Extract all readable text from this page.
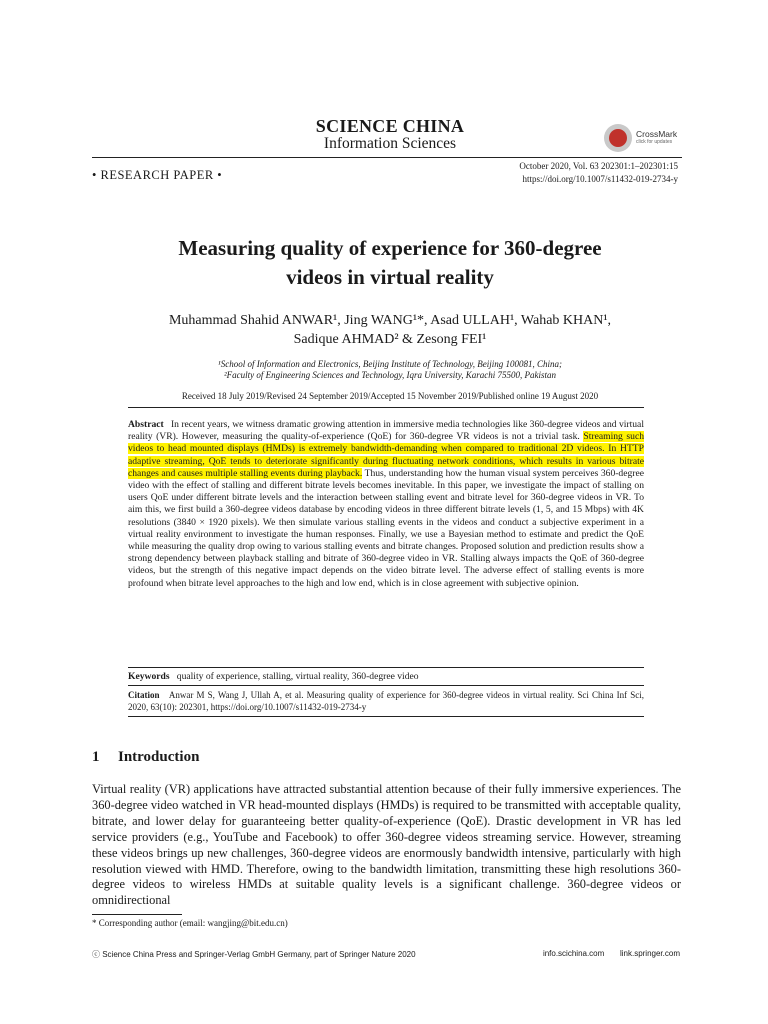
SCIENCE CHINA
Information Sciences
CrossMark
click for updates
• RESEARCH PAPER •
October 2020, Vol. 63 202301:1–202301:15
https://doi.org/10.1007/s11432-019-2734-y
Measuring quality of experience for 360-degree
videos in virtual reality
Muhammad Shahid ANWAR¹, Jing WANG¹*, Asad ULLAH¹, Wahab KHAN¹,
Sadique AHMAD² & Zesong FEI¹
¹School of Information and Electronics, Beijing Institute of Technology, Beijing 100081, China;
²Faculty of Engineering Sciences and Technology, Iqra University, Karachi 75500, Pakistan
Received 18 July 2019/Revised 24 September 2019/Accepted 15 November 2019/Published online 19 August 2020
Abstract In recent years, we witness dramatic growing attention in immersive media technologies like 360-degree videos and virtual reality (VR). However, measuring the quality-of-experience (QoE) for 360-degree VR videos is not a trivial task. Streaming such videos to head mounted displays (HMDs) is extremely bandwidth-demanding when compared to traditional 2D videos. In HTTP adaptive streaming, QoE tends to deteriorate significantly during fluctuating network conditions, which results in various bitrate changes and causes multiple stalling events during playback. Thus, understanding how the human visual system perceives 360-degree video with the effect of stalling and different bitrate levels becomes inevitable. In this paper, we investigate the impact of stalling on users QoE under different bitrate levels and the interaction between stalling event and bitrate level for 360-degree videos in VR. To aim this, we first build a 360-degree videos database by encoding videos in three different bitrate levels (1, 5, and 15 Mbps) with 4K resolutions (3840 × 1920 pixels). We then simulate various stalling events in the videos and conduct a subjective experiment in a virtual reality environment to investigate the human responses. Finally, we use a Bayesian method to estimate and predict the QoE while measuring the quality drop owing to various stalling events and bitrate changes. Proposed solution and prediction results show a strong dependency between playback stalling and bitrate of 360-degree video in VR. Stalling always impacts the QoE of 360-degree videos, but the strength of this negative impact depends on the video bitrate level. The adverse effect of stalling events is more profound when bitrate level approaches to the high and low end, which is in close agreement with subjective opinion.
Keywords quality of experience, stalling, virtual reality, 360-degree video
Citation Anwar M S, Wang J, Ullah A, et al. Measuring quality of experience for 360-degree videos in virtual reality. Sci China Inf Sci, 2020, 63(10): 202301, https://doi.org/10.1007/s11432-019-2734-y
1 Introduction
Virtual reality (VR) applications have attracted substantial attention because of their fully immersive experiences. The 360-degree video watched in VR head-mounted displays (HMDs) is required to be transmitted with acceptable quality, bitrate, and lower delay for guaranteeing better quality-of-experience (QoE). Drastic development in VR has led service providers (e.g., YouTube and Facebook) to offer 360-degree videos streaming service. However, streaming these videos brings up new challenges, 360-degree videos are enormously bandwidth intensive, particularly with high resolution viewed with HMD. Therefore, owing to the bandwidth limitation, transmitting these high resolutions 360-degree videos to wireless HMDs at suitable quality levels is a significant challenge. 360-degree videos or omnidirectional
* Corresponding author (email: wangjing@bit.edu.cn)
ⓒ Science China Press and Springer-Verlag GmbH Germany, part of Springer Nature 2020	info.scichina.com link.springer.com
